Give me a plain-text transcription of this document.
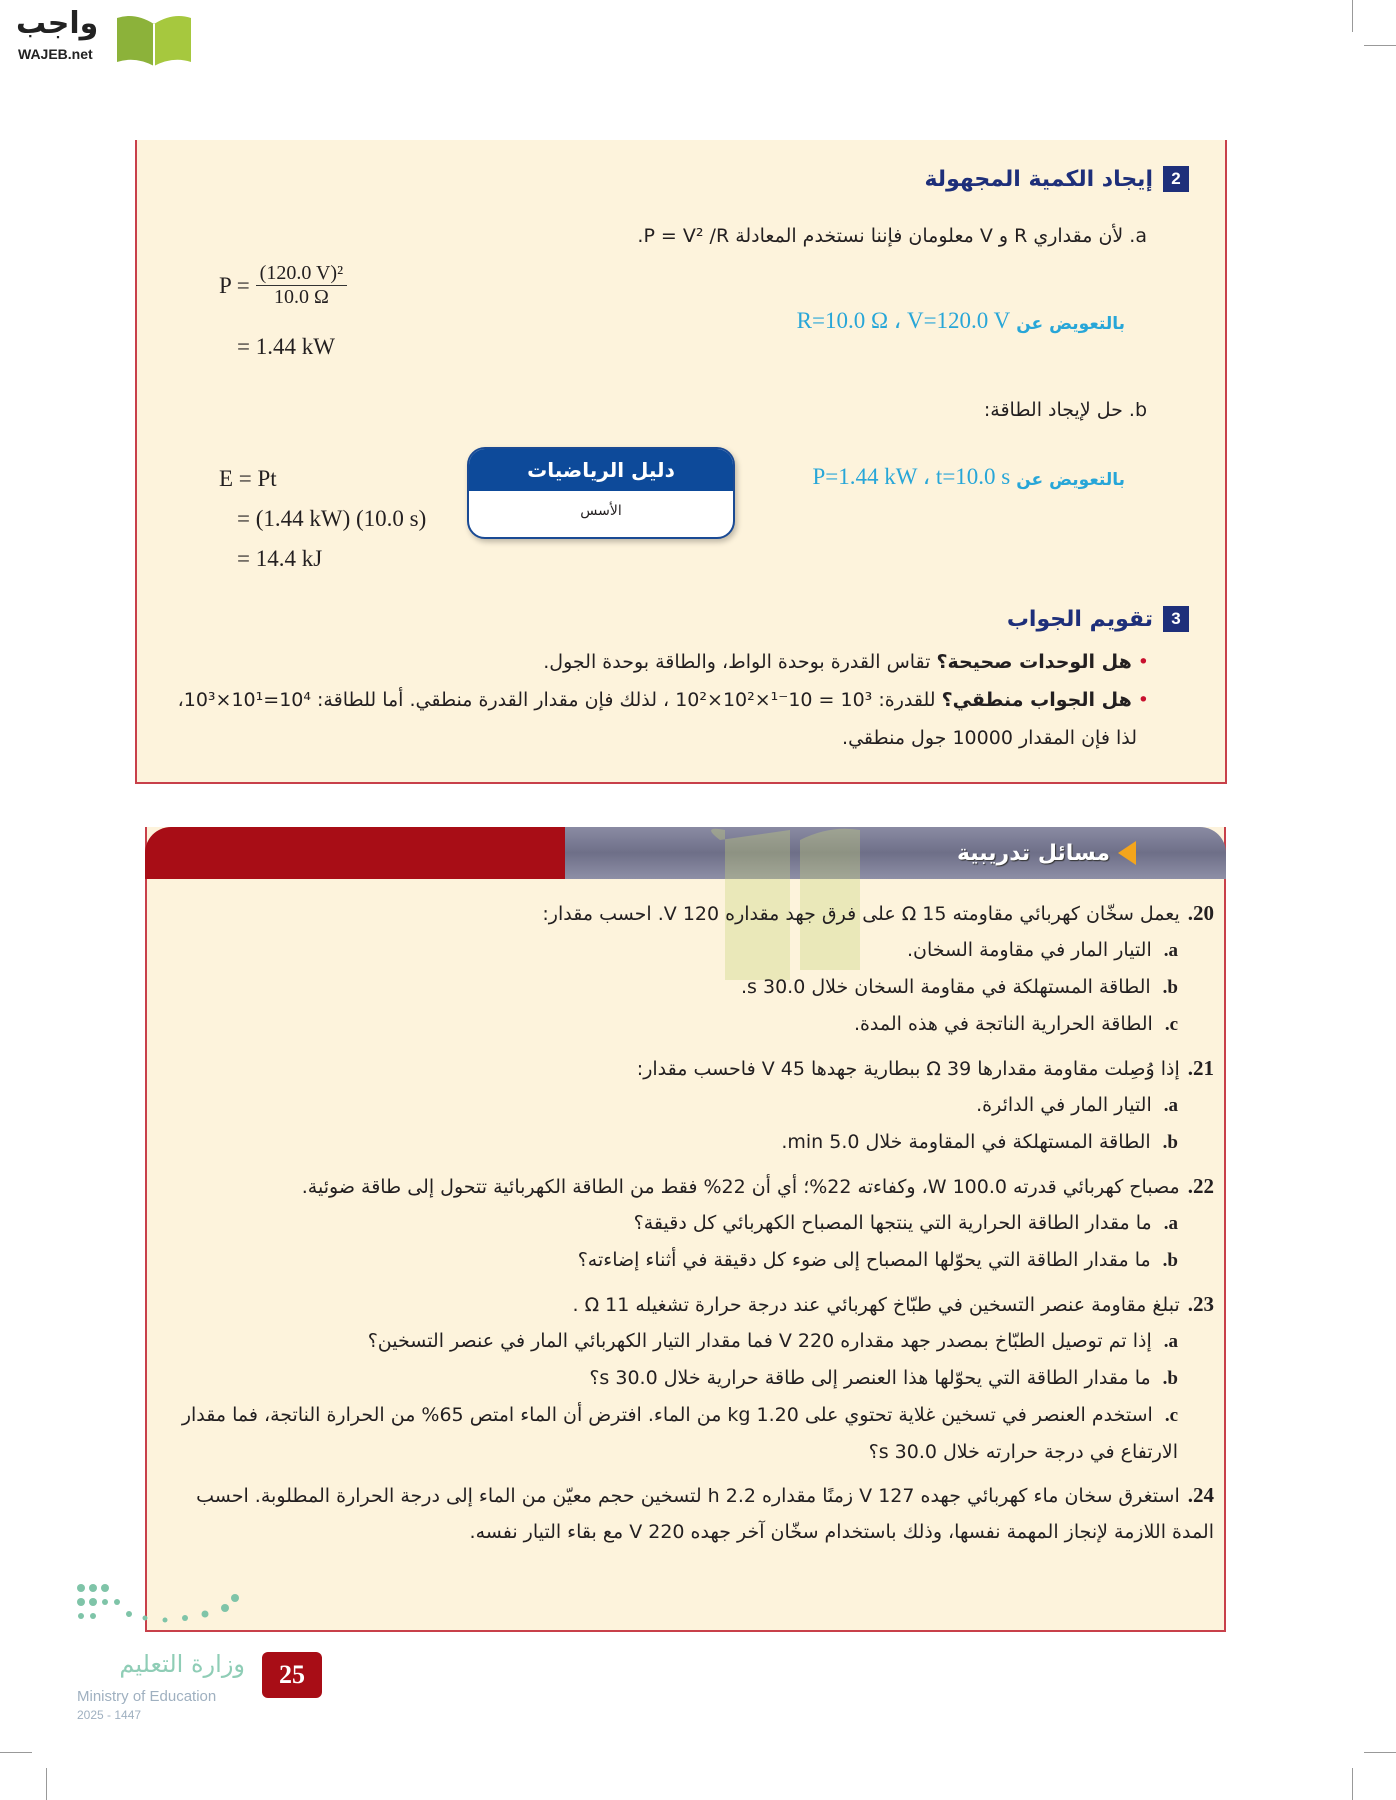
واجب
WAJEB.net
2
إيجاد الكمية المجهولة
a. لأن مقداري R و V معلومان فإننا نستخدم المعادلة P = V² /R.
بالتعويض عن
R=10.0 Ω ، V=120.0 V
$P = \frac{\text{(120.0 V)²}}{10.0 \Omega}$
= 1.44 kW
دليل الرياضيات
الأسس
b. حل لإيجاد الطاقة:
بالتعويض عن
P=1.44 kW ، t=10.0 s
E = Pt
= (1.44 kW) (10.0 s)
= 14.4 kJ
3
تقويم الجواب
• هل الوحدات صحيحة؟ تقاس القدرة بوحدة الواط، والطاقة بوحدة الجول.
• هل الجواب منطقي؟ للقدرة: 10³ = 10⁻¹×10²×10² ، لذلك فإن مقدار القدرة منطقي. أما للطاقة: 10⁴=10¹×10³،
لذا فإن المقدار 10000 جول منطقي.
مسائل تدريبية
20.يعمل سخّان كهربائي مقاومته 15 Ω على فرق جهد مقداره 120 V. احسب مقدار:
a.التيار المار في مقاومة السخان.
b.الطاقة المستهلكة في مقاومة السخان خلال 30.0 s.
c.الطاقة الحرارية الناتجة في هذه المدة.
21.إذا وُصِلت مقاومة مقدارها 39 Ω ببطارية جهدها 45 V فاحسب مقدار:
a.التيار المار في الدائرة.
b.الطاقة المستهلكة في المقاومة خلال 5.0 min.
22.مصباح كهربائي قدرته 100.0 W، وكفاءته 22%؛ أي أن 22% فقط من الطاقة الكهربائية تتحول إلى طاقة ضوئية.
a.ما مقدار الطاقة الحرارية التي ينتجها المصباح الكهربائي كل دقيقة؟
b.ما مقدار الطاقة التي يحوّلها المصباح إلى ضوء كل دقيقة في أثناء إضاءته؟
23.تبلغ مقاومة عنصر التسخين في طبّاخ كهربائي عند درجة حرارة تشغيله 11 Ω .
a.إذا تم توصيل الطبّاخ بمصدر جهد مقداره 220 V فما مقدار التيار الكهربائي المار في عنصر التسخين؟
b.ما مقدار الطاقة التي يحوّلها هذا العنصر إلى طاقة حرارية خلال 30.0 s؟
c.استخدم العنصر في تسخين غلاية تحتوي على 1.20 kg من الماء. افترض أن الماء امتص 65% من الحرارة الناتجة، فما مقدار الارتفاع في درجة حرارته خلال 30.0 s؟
24.استغرق سخان ماء كهربائي جهده 127 V زمنًا مقداره 2.2 h لتسخين حجم معيّن من الماء إلى درجة الحرارة المطلوبة. احسب المدة اللازمة لإنجاز المهمة نفسها، وذلك باستخدام سخّان آخر جهده 220 V مع بقاء التيار نفسه.
وزارة التعليم
Ministry of Education
2025 - 1447
25
